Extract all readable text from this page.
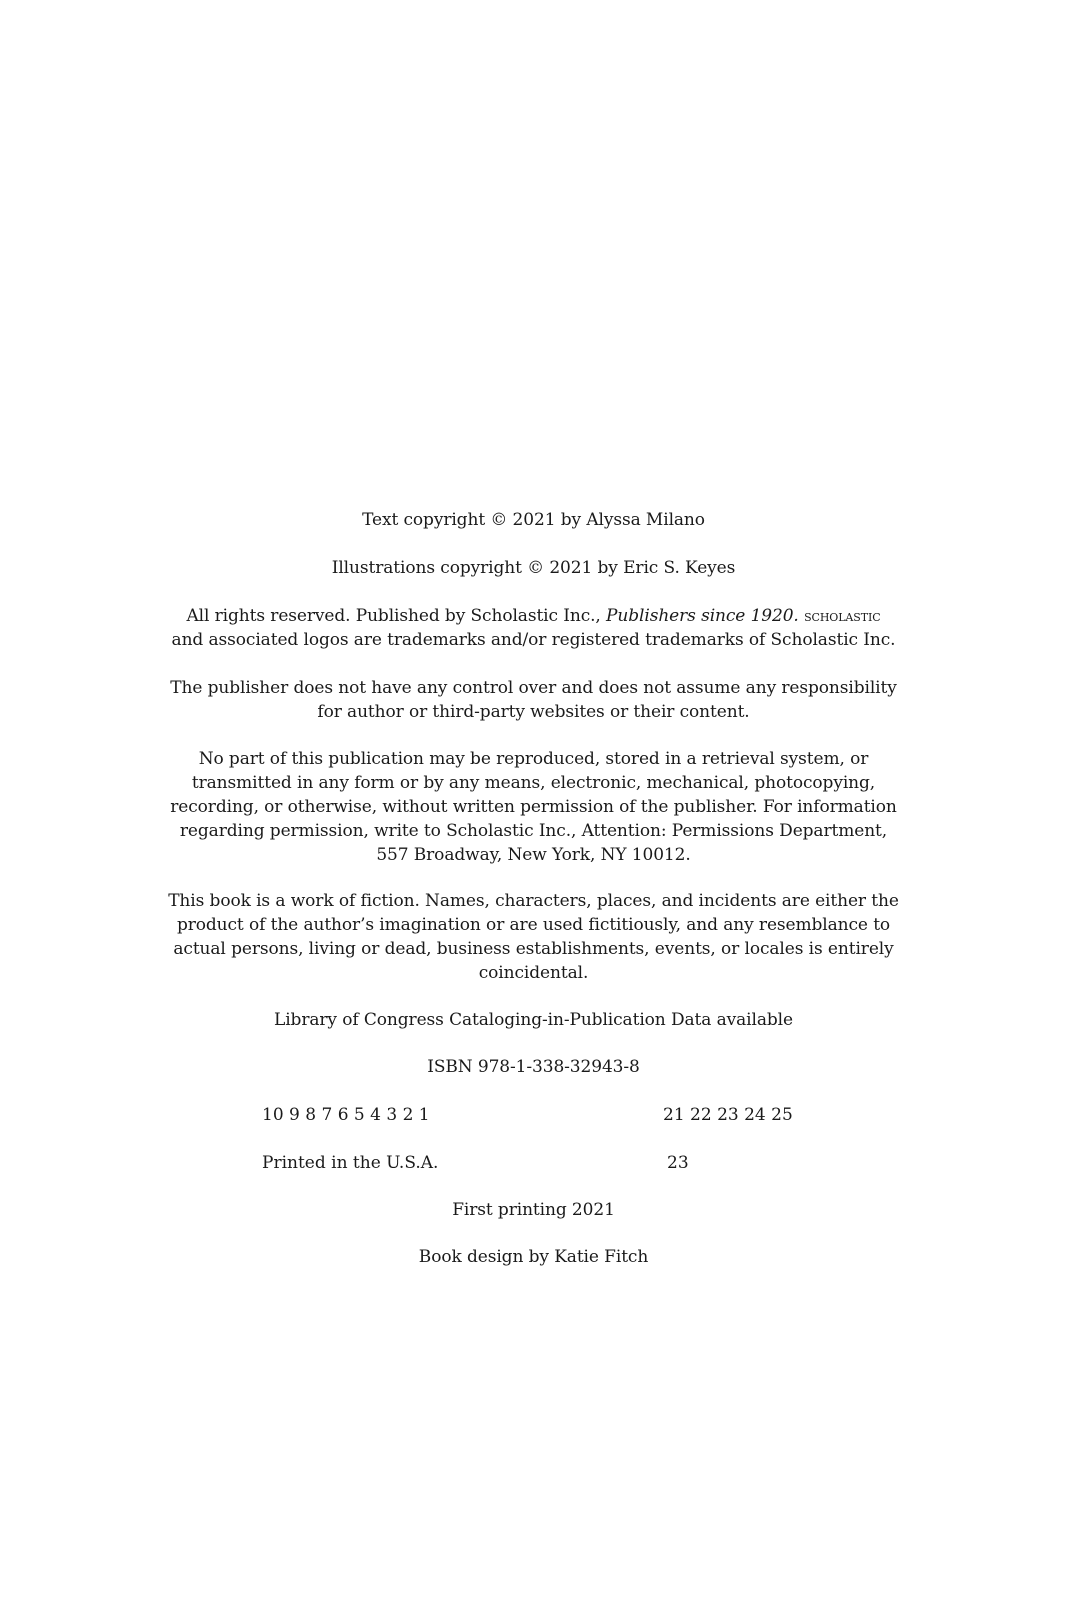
Text copyright © 2021 by Alyssa Milano
Illustrations copyright © 2021 by Eric S. Keyes
All rights reserved. Published by Scholastic Inc., Publishers since 1920. scholastic
and associated logos are trademarks and/or registered trademarks of Scholastic Inc.
The publisher does not have any control over and does not assume any responsibility
for author or third-party websites or their content.
No part of this publication may be reproduced, stored in a retrieval system, or
transmitted in any form or by any means, electronic, mechanical, photocopying,
recording, or otherwise, without written permission of the publisher. For information
regarding permission, write to Scholastic Inc., Attention: Permissions Department,
557 Broadway, New York, NY 10012.
This book is a work of fiction. Names, characters, places, and incidents are either the
product of the author’s imagination or are used fictitiously, and any resemblance to
actual persons, living or dead, business establishments, events, or locales is entirely
coincidental.
Library of Congress Cataloging-in-Publication Data available
ISBN 978-1-338-32943-8
10 9 8 7 6 5 4 3 2 1	21 22 23 24 25
Printed in the U.S.A.	23
First printing 2021
Book design by Katie Fitch
